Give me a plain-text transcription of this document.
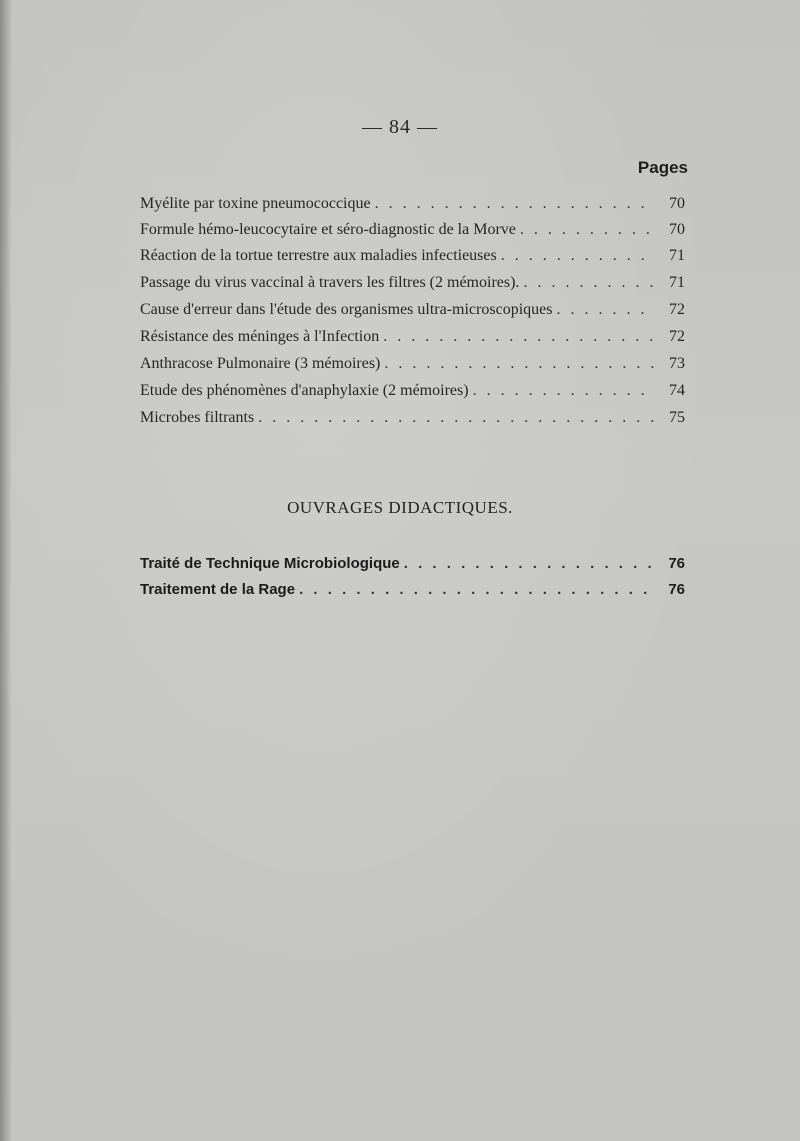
— 84 —
Pages
Myélite par toxine pneumococcique . . .	70
Formule hémo-leucocytaire et séro-diagnostic de la Morve . . .	70
Réaction de la tortue terrestre aux maladies infectieuses . . .	71
Passage du virus vaccinal à travers les filtres (2 mémoires). . . .	71
Cause d'erreur dans l'étude des organismes ultra-microscopiques . . .	72
Résistance des méninges à l'Infection . . .	72
Anthracose Pulmonaire (3 mémoires) . . .	73
Etude des phénomènes d'anaphylaxie (2 mémoires) . . .	74
Microbes filtrants . . .	75
OUVRAGES DIDACTIQUES.
Traité de Technique Microbiologique . . .	76
Traitement de la Rage . . .	76
